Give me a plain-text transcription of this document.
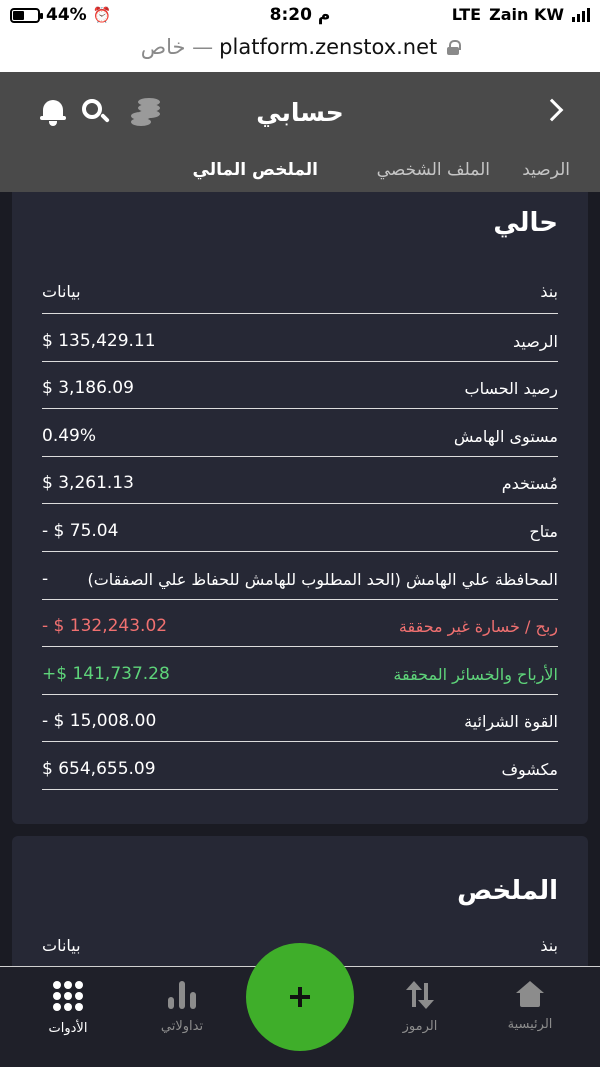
44% ⏰	8:20 م	LTE Zain KW
خاص — platform.zenstox.net
حسابي
الرصيد
الملف الشخصي
الملخص المالي
حالي
بنذ
بيانات
الرصيد
$ 135,429.11
رصيد الحساب
$ 3,186.09
مستوى الهامش
0.49%
مُستخدم
$ 3,261.13
متاح
- $ 75.04
المحافظة علي الهامش (الحد المطلوب للهامش للحفاظ علي الصفقات)
-
ربح / خسارة غير محققة
- $ 132,243.02
الأرباح والخسائر المحققة
+$ 141,737.28
القوة الشرائية
- $ 15,008.00
مكشوف
$ 654,655.09
الملخص
بنذ
بيانات
الرئيسية
الرموز
تداولاتي
الأدوات
